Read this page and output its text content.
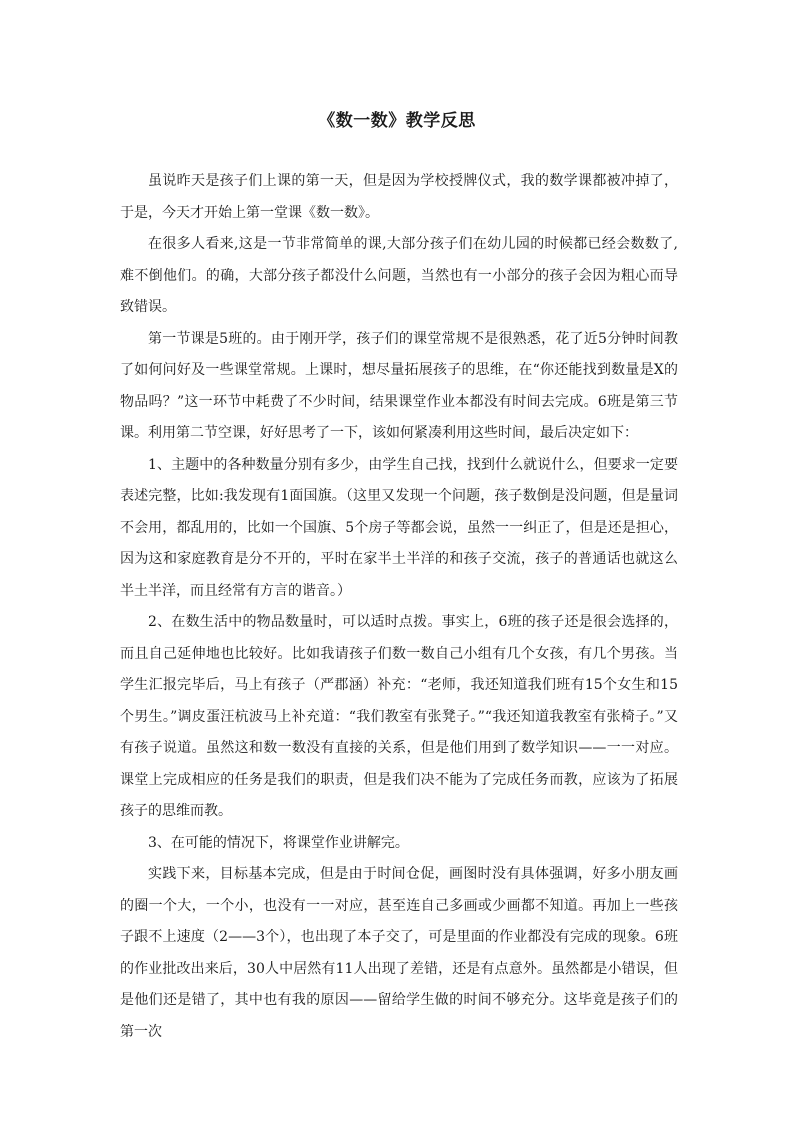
《数一数》教学反思

虽说昨天是孩子们上课的第一天，但是因为学校授牌仪式，我的数学课都被冲掉了，于是，今天才开始上第一堂课《数一数》。

在很多人看来,这是一节非常简单的课,大部分孩子们在幼儿园的时候都已经会数数了,难不倒他们。的确，大部分孩子都没什么问题，当然也有一小部分的孩子会因为粗心而导致错误。

第一节课是5班的。由于刚开学，孩子们的课堂常规不是很熟悉，花了近5分钟时间教了如何问好及一些课堂常规。上课时，想尽量拓展孩子的思维，在“你还能找到数量是X的物品吗？”这一环节中耗费了不少时间，结果课堂作业本都没有时间去完成。6班是第三节课。利用第二节空课，好好思考了一下，该如何紧凑利用这些时间，最后决定如下：

1、主题中的各种数量分别有多少，由学生自己找，找到什么就说什么，但要求一定要表述完整，比如:我发现有1面国旗。（这里又发现一个问题，孩子数倒是没问题，但是量词不会用，都乱用的，比如一个国旗、5个房子等都会说，虽然一一纠正了，但是还是担心，因为这和家庭教育是分不开的，平时在家半土半洋的和孩子交流，孩子的普通话也就这么半土半洋，而且经常有方言的谐音。）

2、在数生活中的物品数量时，可以适时点拨。事实上，6班的孩子还是很会选择的，而且自己延伸地也比较好。比如我请孩子们数一数自己小组有几个女孩，有几个男孩。当学生汇报完毕后，马上有孩子（严郡涵）补充：“老师，我还知道我们班有15个女生和15个男生。”调皮蛋汪杭波马上补充道：“我们教室有张凳子。”“我还知道我教室有张椅子。”又有孩子说道。虽然这和数一数没有直接的关系，但是他们用到了数学知识——一一对应。课堂上完成相应的任务是我们的职责，但是我们决不能为了完成任务而教，应该为了拓展孩子的思维而教。

3、在可能的情况下，将课堂作业讲解完。

实践下来，目标基本完成，但是由于时间仓促，画图时没有具体强调，好多小朋友画的圈一个大，一个小，也没有一一对应，甚至连自己多画或少画都不知道。再加上一些孩子跟不上速度（2——3个），也出现了本子交了，可是里面的作业都没有完成的现象。6班的作业批改出来后，30人中居然有11人出现了差错，还是有点意外。虽然都是小错误，但是他们还是错了，其中也有我的原因——留给学生做的时间不够充分。这毕竟是孩子们的第一次
